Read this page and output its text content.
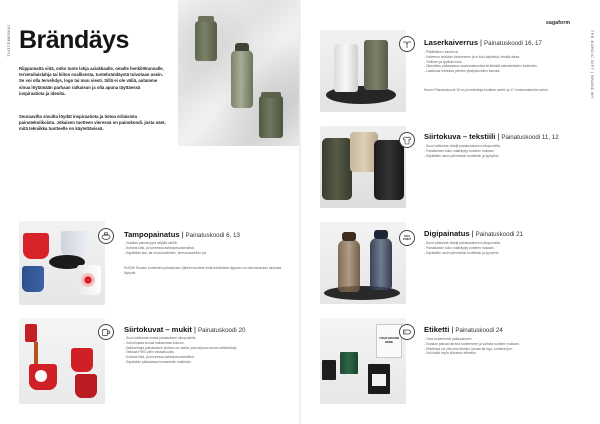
TUOTEMERKKI Brändäys

Riippumatta siitä, onko tuote lahja asiakkaalle, omalle henkilökunnalle, tervetuliaislahja tai kiitos osallisesta, tuotebrändäystä toivotaan usein. Se voi olla tervehdys, logo tai muu viesti. Sillä ei ole väliä, autamme sinua löytämään parhaan ratkaisun ja olla apuna täyttäessä inspiraatiota ja ideoita.

Seuraavilta sivuilta löydät inspiraatiota ja tietoa erilaisista painotekniikoista. Jokaisen tuotteen vieressä on painokoodi, josta näet, mitä tekniikka tuotteelle on käytettävissä.

Tampopainatus | Painatuskoodi 6, 13
- Voidaan painaa jopa neljällä värillä.
- Korkeat käsi- ja koneessa astianpesunkestävä.
- Käytetään lasi- tai muovituotteisiin, termosmukeihin jne.

HUOM! Skodon tuotteiden painatuksen jälkeen tuotteet eivät tekniikasta riippuen voi olla kokonaan tuhkasta löytyvät.

Siirtokuvat – mukit | Painatuskoodi 20
- Suuri valikoima varioa painatuksen ulkopuolella.
- Voit tulostaa kuvasi haluamaasi kokoon.
- Vaihtoehtoja painatuksen pintaan on useita, joka tarjoaa monia vaihtoehtoja.
- Tarkkaa PMS-värin vastaavuutta.
- Korkeat käsi- ja koneessa astianpesunkestävä.
- Käytetään pääasiassa keraamisiin tuotteisiin.
sagaform
THE NORDIC GIFT | BRAND MY
Laserkaiverrus | Painatuskoodi 16, 17
- Pitkäikäinen kaiverrus.
- Kaiverrus tehdään tuotteeseen ja ei kulu käytössä, kestää aikaa.
- Ylellinen ja tyylikäs tulos.
- Tarkoitettu pääasiassa ruostumattomista teräksistä valmistettuihin tuotteisiin.
- Laadukas tekniikka pienten yksityiskohtien kanssa.

Huom! Painatuskoodi 16 on pinnoitettuja tuotteita varten ja 17 ruostumattomia varten.

Siirtokuva – tekstiili | Painatuskoodi 11, 12
- Suuri valikoima värejä painatusalueen ulkopuolella.
- Painatuksen koko määräytyy tuotteen mukaan.
- Käytetään usein pehmeisiin tuotteisiin ja tyynyihin.
DIGI PRINT
Digipainatus | Painatuskoodi 21
- Suuri valikoima värejä painatusalueen ulkopuolella.
- Painatuksen koko määräytyy tuotteen mukaan.
- Käytetään usein pehmeisiin tuotteisiin ja tyynyihin.
YOUR BRAND HERE
Etiketti | Painatuskoodi 24
- Oma tuotemerkki pakkaukseen.
- Voidaan painaa tarrana tuotteeseen ja vaihtaa tuotteen mukaan.
- Etiketissä voi olla oma tekstisi, kuvasi tai logo, koristeet jne.
- Voit lisätä myös kiitoksen etikettiin.
